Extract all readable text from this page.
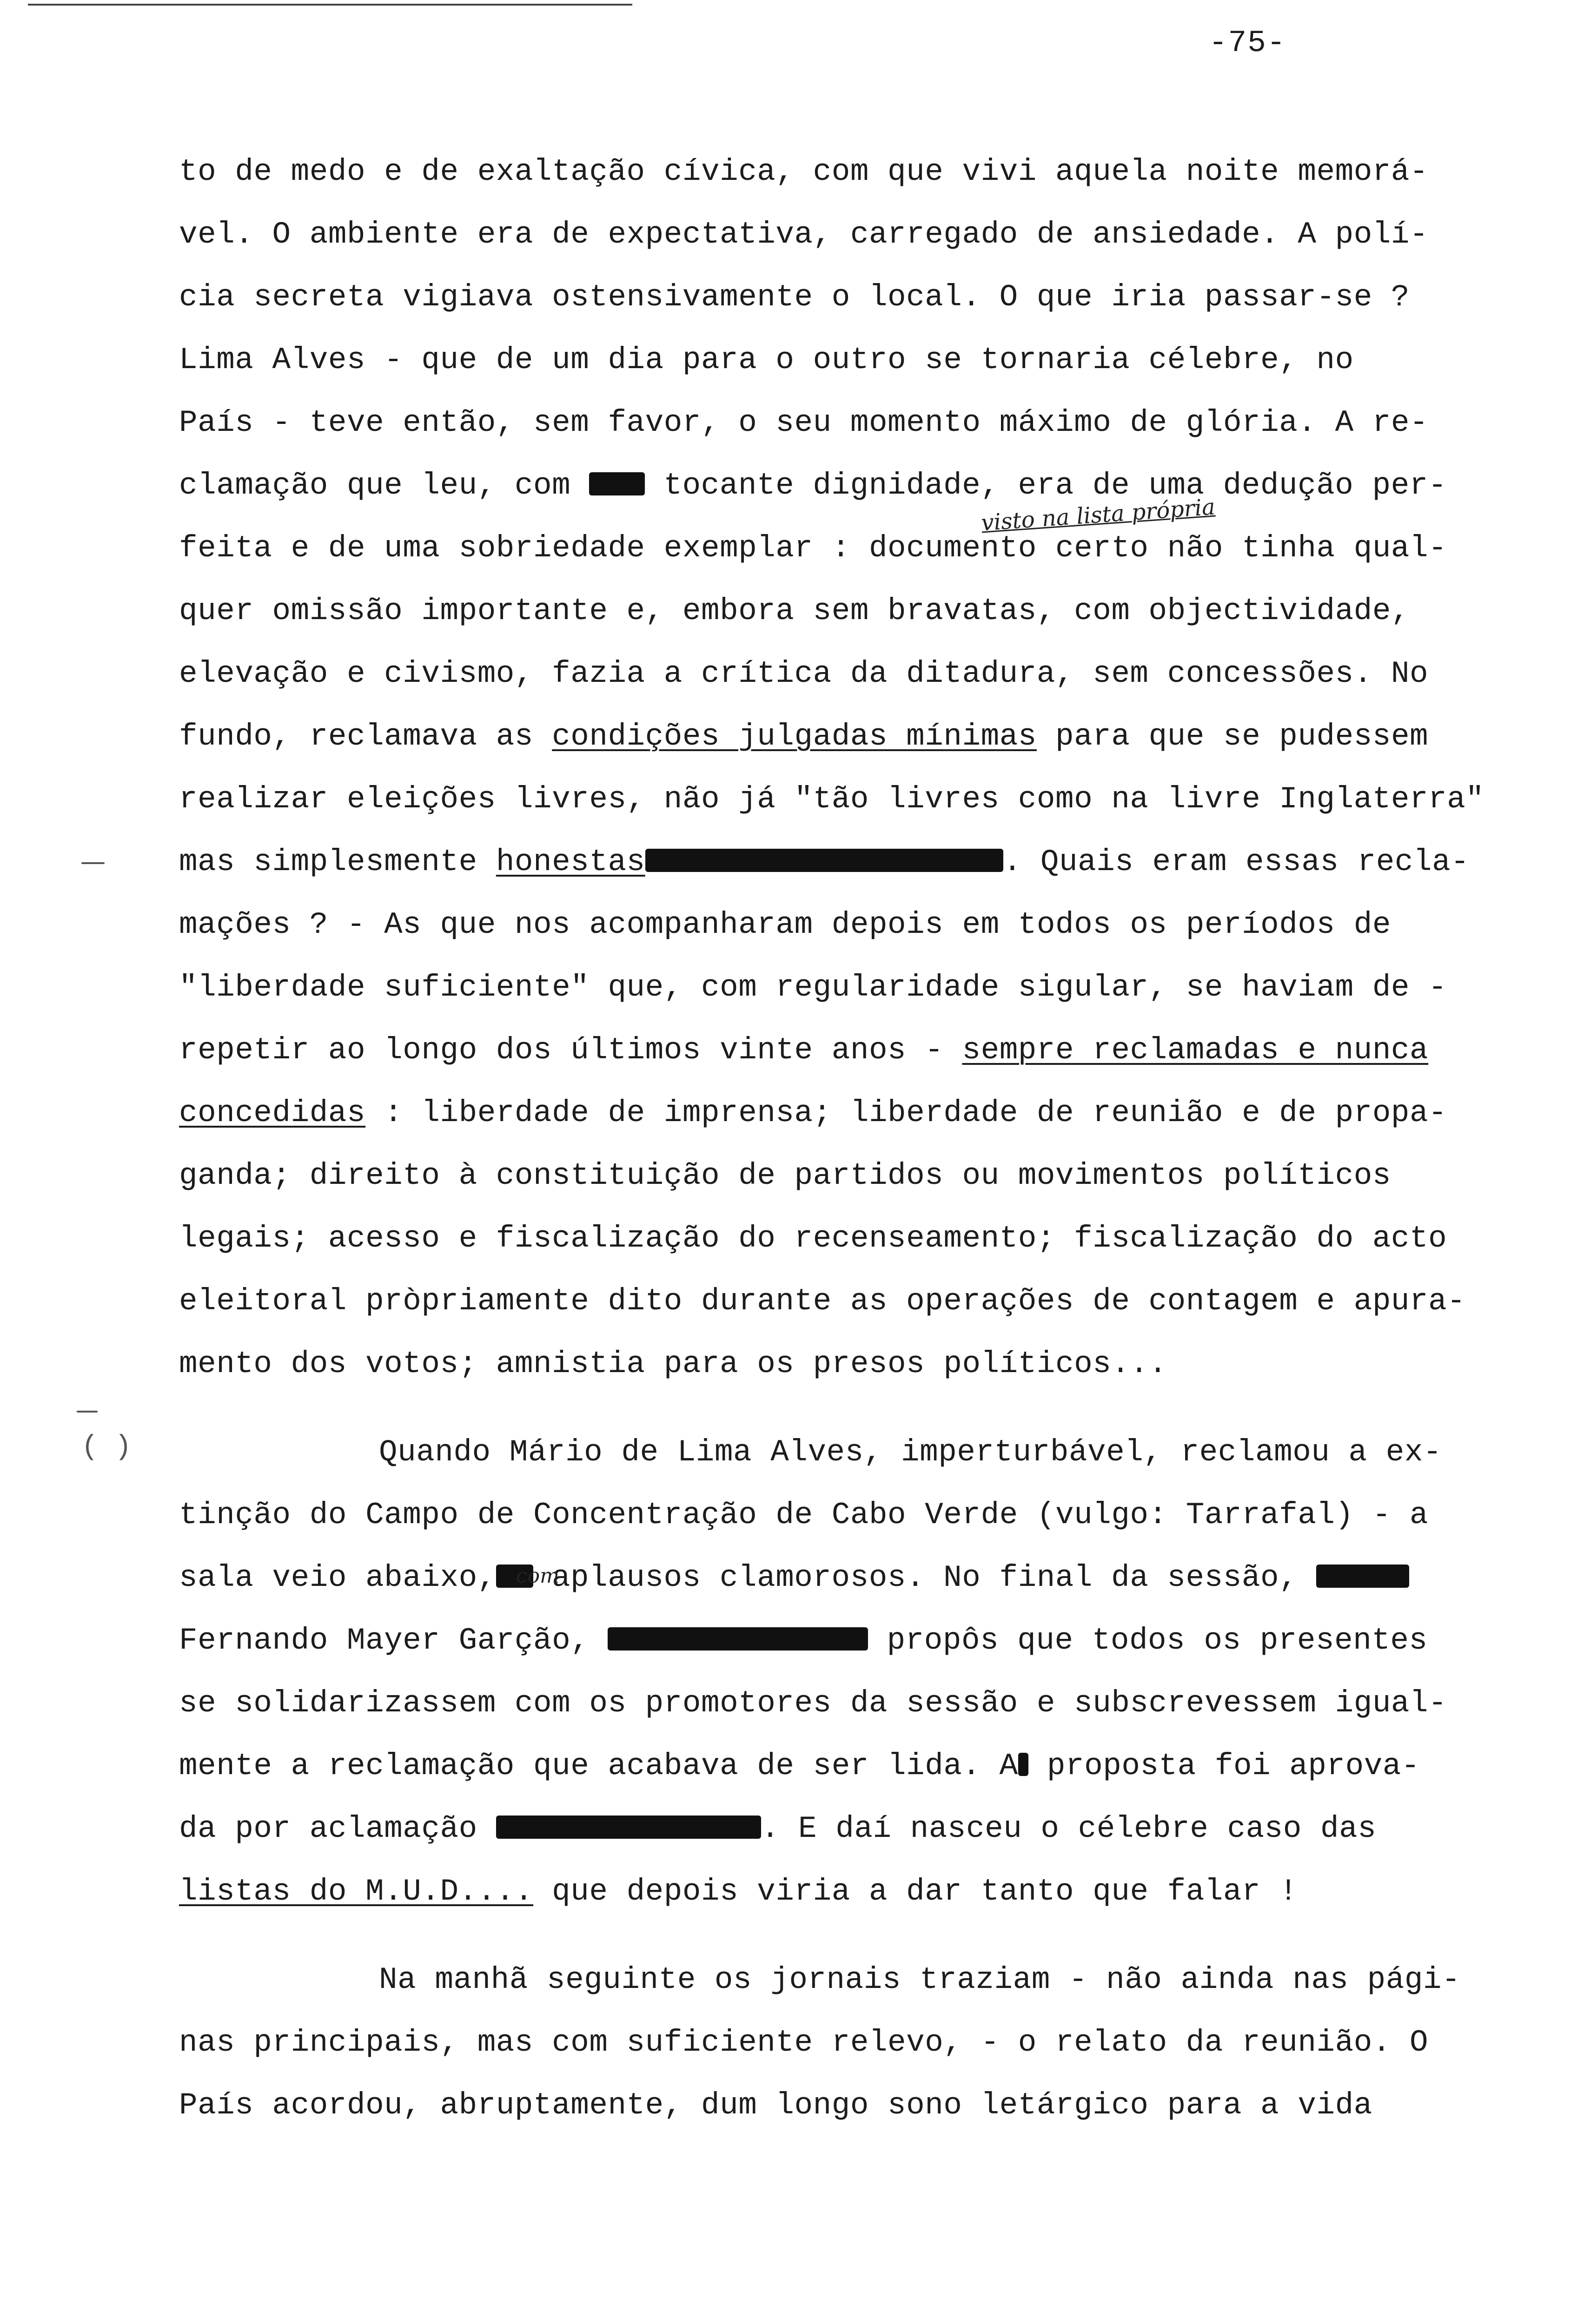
-75-
to de medo e de exaltação cívica, com que vivi aquela noite memorá-
vel. O ambiente era de expectativa, carregado de ansiedade. A polí-
cia secreta vigiava ostensivamente o local. O que iria passar-se ?
Lima Alves - que de um dia para o outro se tornaria célebre, no
País - teve então, sem favor, o seu momento máximo de glória. A re-
clamação que leu, com	tocante dignidade, era de uma dedução per-
feita e de uma sobriedade exemplar : documento certo não tinha qual-
quer omissão importante e, embora sem bravatas, com objectividade,
elevação e civismo, fazia a crítica da ditadura, sem concessões. No
fundo, reclamava as condições julgadas mínimas para que se pudessem
realizar eleições livres, não já "tão livres como na livre Inglaterra"
mas simplesmente honestas	. Quais eram essas recla-
mações ? - As que nos acompanharam depois em todos os períodos de
"liberdade suficiente" que, com regularidade sigular, se haviam de -
repetir ao longo dos últimos vinte anos - sempre reclamadas e nunca
concedidas : liberdade de imprensa; liberdade de reunião e de propa-
ganda; direito à constituição de partidos ou movimentos políticos
legais; acesso e fiscalização do recenseamento; fiscalização do acto
eleitoral pròpriamente dito durante as operações de contagem e apura-
mento dos votos; amnistia para os presos políticos...
Quando Mário de Lima Alves, imperturbável, reclamou a ex-
tinção do Campo de Concentração de Cabo Verde (vulgo: Tarrafal) - a
sala veio abaixo, aplausos clamorosos. No final da sessão,
Fernando Mayer Garção,	propôs que todos os presentes
se solidarizassem com os promotores da sessão e subscrevessem igual-
mente a reclamação que acabava de ser lida. A proposta foi aprova-
da por aclamação	. E daí nasceu o célebre caso das
listas do M.U.D.... que depois viria a dar tanto que falar !
Na manhã seguinte os jornais traziam - não ainda nas pági-
nas principais, mas com suficiente relevo, - o relato da reunião. O
País acordou, abruptamente, dum longo sono letárgico para a vida
visto na lista própria
com
( )
